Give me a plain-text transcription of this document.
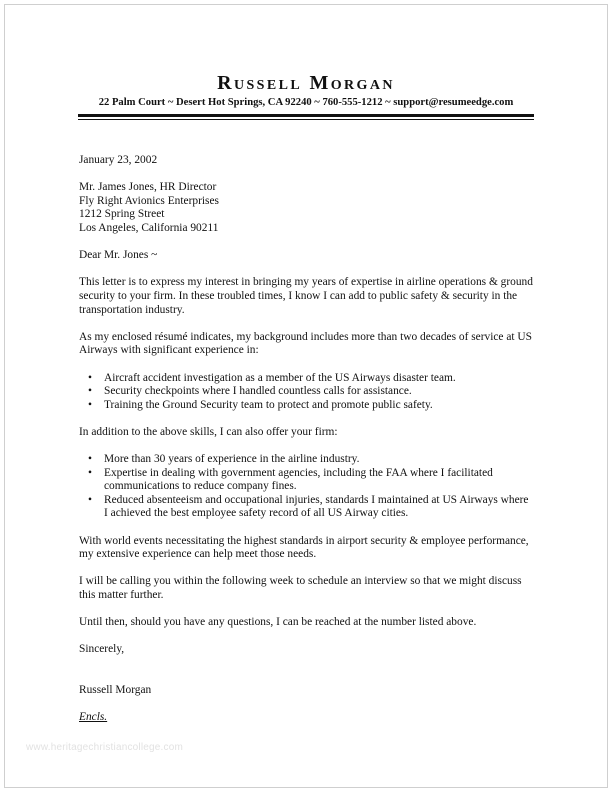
Russell Morgan
22 Palm Court ~ Desert Hot Springs, CA 92240 ~ 760-555-1212 ~ support@resumeedge.com

January 23, 2002

Mr. James Jones, HR Director

Fly Right Avionics Enterprises

1212 Spring Street

Los Angeles, California 90211

Dear Mr. Jones ~

This letter is to express my interest in bringing my years of expertise in airline operations & ground security to your firm. In these troubled times, I know I can add to public safety & security in the transportation industry.

As my enclosed résumé indicates, my background includes more than two decades of service at US Airways with significant experience in:

• Aircraft accident investigation as a member of the US Airways disaster team.
• Security checkpoints where I handled countless calls for assistance.
• Training the Ground Security team to protect and promote public safety.

In addition to the above skills, I can also offer your firm:

• More than 30 years of experience in the airline industry.
• Expertise in dealing with government agencies, including the FAA where I facilitated communications to reduce company fines.
• Reduced absenteeism and occupational injuries, standards I maintained at US Airways where I achieved the best employee safety record of all US Airway cities.

With world events necessitating the highest standards in airport security & employee performance, my extensive experience can help meet those needs.

I will be calling you within the following week to schedule an interview so that we might discuss this matter further.

Until then, should you have any questions, I can be reached at the number listed above.

Sincerely,

Russell Morgan

Encls.

www.heritagechristiancollege.com
